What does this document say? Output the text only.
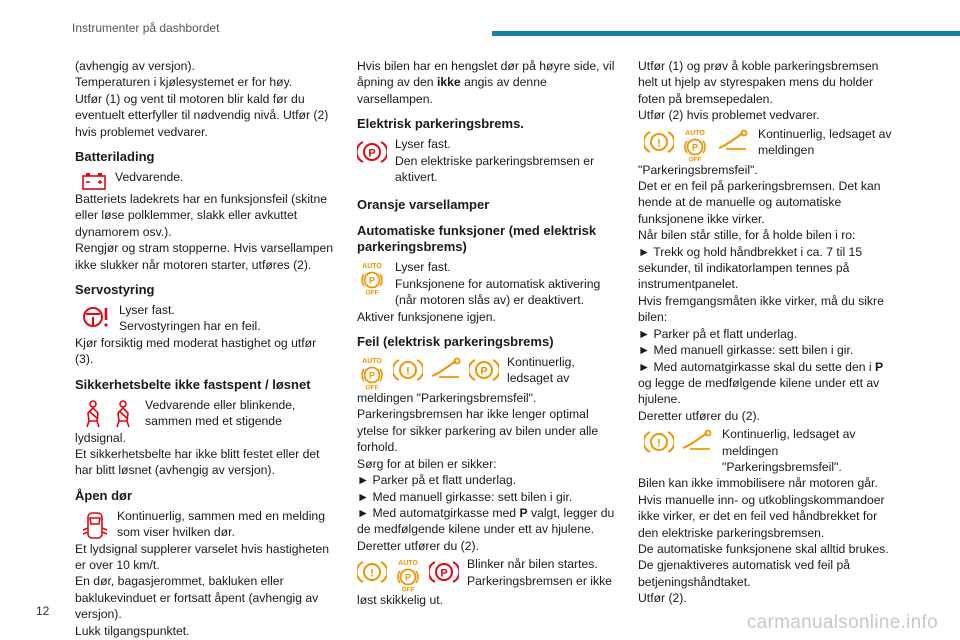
Instrumenter på dashbordet

(avhengig av versjon).

Temperaturen i kjølesystemet er for høy.

Utfør (1) og vent til motoren blir kald før du eventuelt etterfyller til nødvendig nivå. Utfør (2) hvis problemet vedvarer.

Batterilading

Vedvarende.

Batteriets ladekrets har en funksjonsfeil (skitne eller løse polklemmer, slakk eller avkuttet dynamorem osv.).

Rengjør og stram stopperne. Hvis varsellampen ikke slukker når motoren starter, utføres (2).

Servostyring

Lyser fast.

Servostyringen har en feil.

Kjør forsiktig med moderat hastighet og utfør (3).

Sikkerhetsbelte ikke fastspent / løsnet

Vedvarende eller blinkende, sammen med et stigende

lydsignal.

Et sikkerhetsbelte har ikke blitt festet eller det har blitt løsnet (avhengig av versjon).

Åpen dør

Kontinuerlig, sammen med en melding som viser hvilken dør.

Et lydsignal supplerer varselet hvis hastigheten er over 10 km/t.

En dør, bagasjerommet, bakluken eller baklukevinduet er fortsatt åpent (avhengig av versjon).

Lukk tilgangspunktet.

Hvis bilen har en hengslet dør på høyre side, vil åpning av den ikke angis av denne varsellampen.

Elektrisk parkeringsbrems.

Lyser fast.

Den elektriske parkeringsbremsen er aktivert.

Oransje varsellamper
Automatiske funksjoner (med elektrisk parkeringsbrems)

Lyser fast.

Funksjonene for automatisk aktivering (når motoren slås av) er deaktivert.

Aktiver funksjonene igjen.

Feil (elektrisk parkeringsbrems)

Kontinuerlig, ledsaget av

meldingen "Parkeringsbremsfeil".

Parkeringsbremsen har ikke lenger optimal ytelse for sikker parkering av bilen under alle forhold.

Sørg for at bilen er sikker:

► Parker på et flatt underlag.

► Med manuell girkasse: sett bilen i gir.

► Med automatgirkasse med P valgt, legger du de medfølgende kilene under ett av hjulene.

Deretter utfører du (2).

Blinker når bilen startes. Parkeringsbremsen er ikke

løst skikkelig ut.

Utfør (1) og prøv å koble parkeringsbremsen helt ut hjelp av styrespaken mens du holder foten på bremsepedalen.

Utfør (2) hvis problemet vedvarer.

Kontinuerlig, ledsaget av meldingen

"Parkeringsbremsfeil".

Det er en feil på parkeringsbremsen. Det kan hende at de manuelle og automatiske funksjonene ikke virker.

Når bilen står stille, for å holde bilen i ro:

► Trekk og hold håndbrekket i ca. 7 til 15 sekunder, til indikatorlampen tennes på instrumentpanelet.

Hvis fremgangsmåten ikke virker, må du sikre bilen:

► Parker på et flatt underlag.

► Med manuell girkasse: sett bilen i gir.

► Med automatgirkasse skal du sette den i P og legge de medfølgende kilene under ett av hjulene.

Deretter utfører du (2).

Kontinuerlig, ledsaget av meldingen "Parkeringsbremsfeil".

Bilen kan ikke immobilisere når motoren går.

Hvis manuelle inn- og utkoblingskommandoer ikke virker, er det en feil ved håndbrekket for den elektriske parkeringsbremsen.

De automatiske funksjonene skal alltid brukes.

De gjenaktiveres automatisk ved feil på betjeningshåndtaket.

Utfør (2).

12
carmanualsonline.info
